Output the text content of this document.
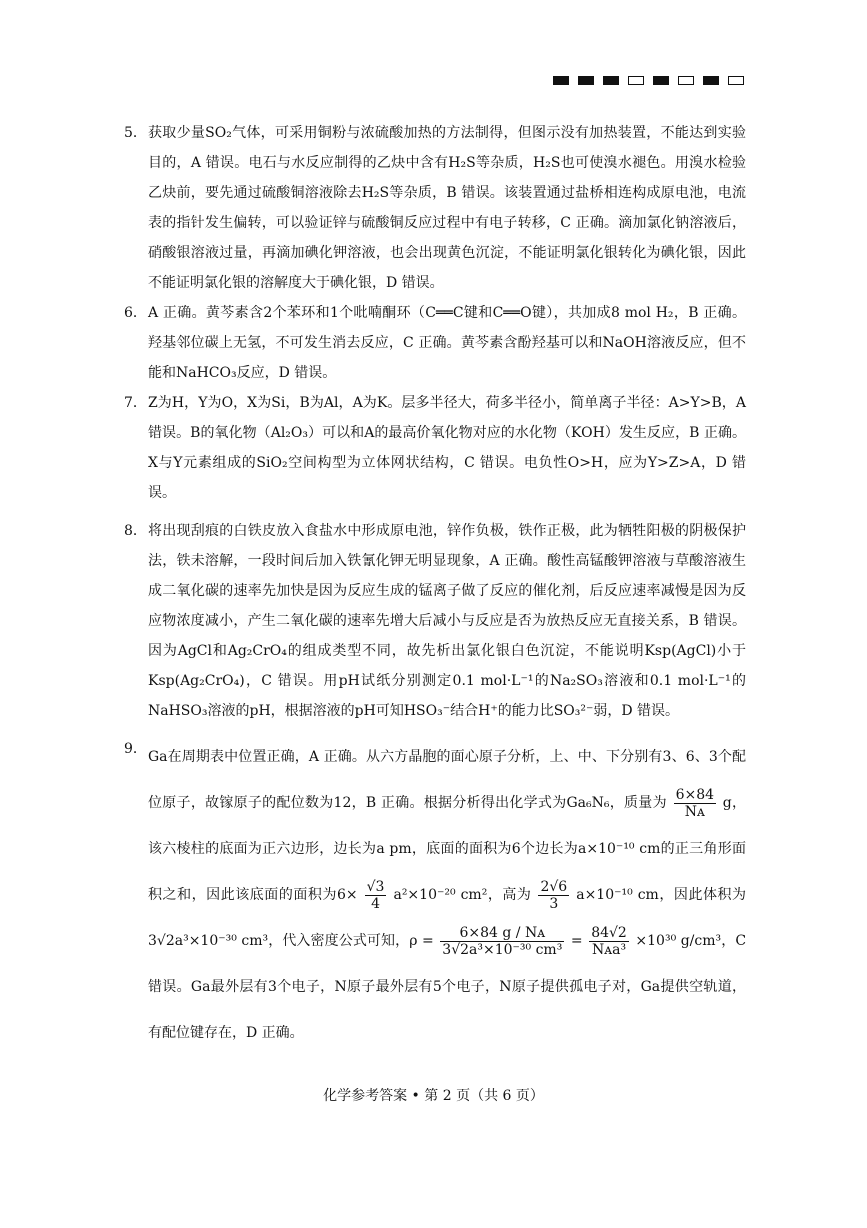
5． 获取少量SO₂气体，可采用铜粉与浓硫酸加热的方法制得，但图示没有加热装置，不能达到实验目的，A 错误。电石与水反应制得的乙炔中含有H₂S等杂质，H₂S也可使溴水褪色。用溴水检验乙炔前，要先通过硫酸铜溶液除去H₂S等杂质，B 错误。该装置通过盐桥相连构成原电池，电流表的指针发生偏转，可以验证锌与硫酸铜反应过程中有电子转移，C 正确。滴加氯化钠溶液后，硝酸银溶液过量，再滴加碘化钾溶液，也会出现黄色沉淀，不能证明氯化银转化为碘化银，因此不能证明氯化银的溶解度大于碘化银，D 错误。
6． A 正确。黄芩素含2个苯环和1个吡喃酮环（C══C键和C══O键），共加成8 mol H₂，B 正确。羟基邻位碳上无氢，不可发生消去反应，C 正确。黄芩素含酚羟基可以和NaOH溶液反应，但不能和NaHCO₃反应，D 错误。
7． Z为H，Y为O，X为Si，B为Al，A为K。层多半径大，荷多半径小，简单离子半径：A>Y>B，A 错误。B的氧化物（Al₂O₃）可以和A的最高价氧化物对应的水化物（KOH）发生反应，B 正确。X与Y元素组成的SiO₂空间构型为立体网状结构，C 错误。电负性O>H，应为Y>Z>A，D 错误。
8． 将出现刮痕的白铁皮放入食盐水中形成原电池，锌作负极，铁作正极，此为牺牲阳极的阴极保护法，铁未溶解，一段时间后加入铁氰化钾无明显现象，A 正确。酸性高锰酸钾溶液与草酸溶液生成二氧化碳的速率先加快是因为反应生成的锰离子做了反应的催化剂，后反应速率减慢是因为反应物浓度减小，产生二氧化碳的速率先增大后减小与反应是否为放热反应无直接关系，B 错误。因为AgCl和Ag₂CrO₄的组成类型不同，故先析出氯化银白色沉淀，不能说明Ksp(AgCl)小于Ksp(Ag₂CrO₄)，C 错误。用pH试纸分别测定0.1 mol·L⁻¹的Na₂SO₃溶液和0.1 mol·L⁻¹的NaHSO₃溶液的pH，根据溶液的pH可知HSO₃⁻结合H⁺的能力比SO₃²⁻弱，D 错误。
9． Ga在周期表中位置正确，A 正确。从六方晶胞的面心原子分析，上、中、下分别有3、6、3个配位原子，故镓原子的配位数为12，B 正确。根据分析得出化学式为Ga₆N₆，质量为 $\frac{6\times 84}{\text{Nᴀ}}$ g，该六棱柱的底面为正六边形，边长为a pm，底面的面积为6个边长为a×10⁻¹⁰ cm的正三角形面积之和，因此该底面的面积为$6\times \frac{√3}{4} a^2\times 10^{-20}$ cm²，高为 $\frac{2√6}{3} a\times 10^{-10}$ cm，因此体积为3√2a³×10⁻³⁰ cm³，代入密度公式可知，$\rho = \frac{\text{6×84 g / Nᴀ}}{\text{3√2a³×10⁻³⁰ cm³}} = \frac{84√2}{\text{Nᴀa³}} \times 10^{30}$ g/cm³，C 错误。Ga最外层有3个电子，N原子最外层有5个电子，N原子提供孤电子对，Ga提供空轨道，有配位键存在，D 正确。
化学参考答案 • 第 2 页（共 6 页）
